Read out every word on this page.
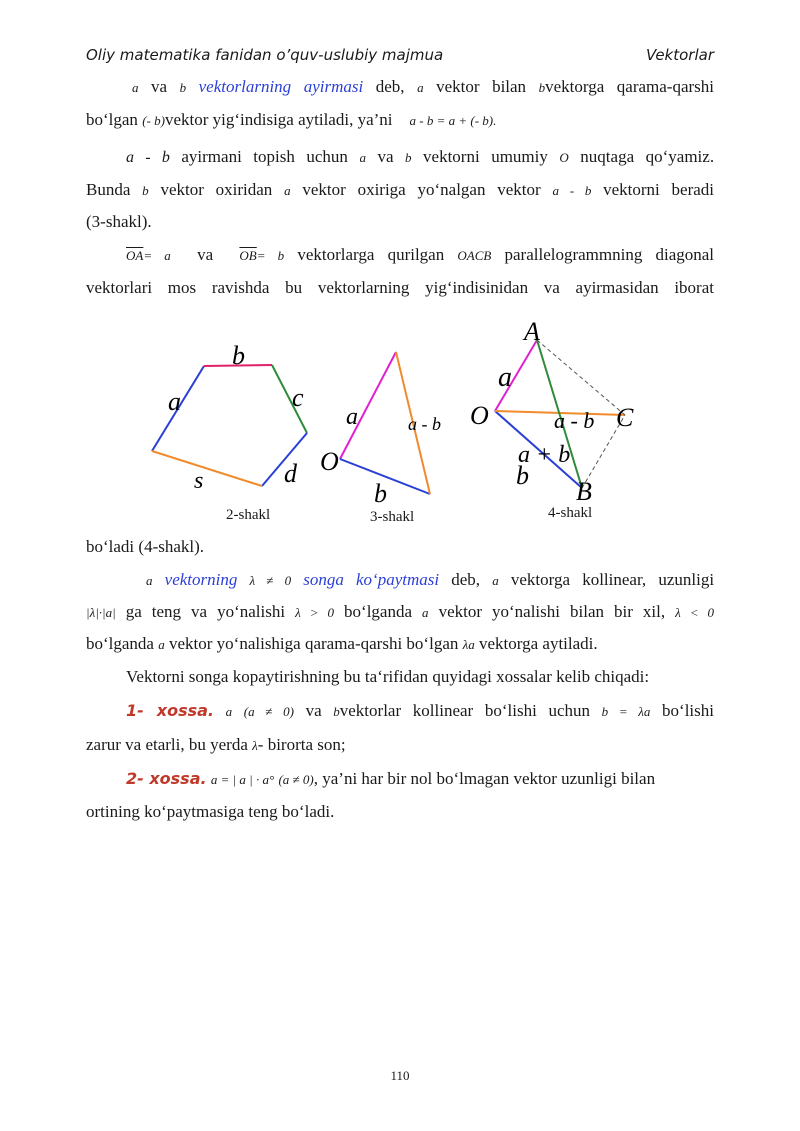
Oliy matematika fanidan o’quv-uslubiy majmua	Vektorlar
a va b vektorlarning ayirmasi deb, a vektor bilan bvektorga qarama-qarshi
bo‘lgan (- b)vektor yig‘indisiga aytiladi, ya’ni a - b = a + (- b).
a - b ayirmani topish uchun a va b vektorni umumiy O nuqtaga qo‘yamiz.
Bunda b vektor oxiridan a vektor oxiriga yo‘nalgan vektor a - b vektorni beradi
(3-shakl).
$\overline{OA}= a$ va $\overline{OB}= b$ vektorlarga qurilgan OACB parallelogrammning diagonal
vektorlari mos ravishda bu vektorlarning yig‘indisinidan va ayirmasidan iborat
a
b
c
d
s
a
O
b
a - b
A
a
O	a - b C
a + b
b
B
2-shakl	3-shakl	4-shakl
bo‘ladi (4-shakl).
a vektorning λ ≠ 0 songa ko‘paytmasi deb, a vektorga kollinear, uzunligi
|λ|·|a| ga teng va yo‘nalishi λ > 0 bo‘lganda a vektor yo‘nalishi bilan bir xil, λ < 0
bo‘lganda a vektor yo‘nalishiga qarama-qarshi bo‘lgan λa vektorga aytiladi.
Vektorni songa kopaytirishning bu ta‘rifidan quyidagi xossalar kelib chiqadi:
1- xossa. a (a ≠ 0) va bvektorlar kollinear bo‘lishi uchun b = λa bo‘lishi
zarur va etarli, bu yerda λ- birorta son;
2- xossa. a = | a | · a° (a ≠ 0), ya’ni har bir nol bo‘lmagan vektor uzunligi bilan
ortining ko‘paytmasiga teng bo‘ladi.
110
